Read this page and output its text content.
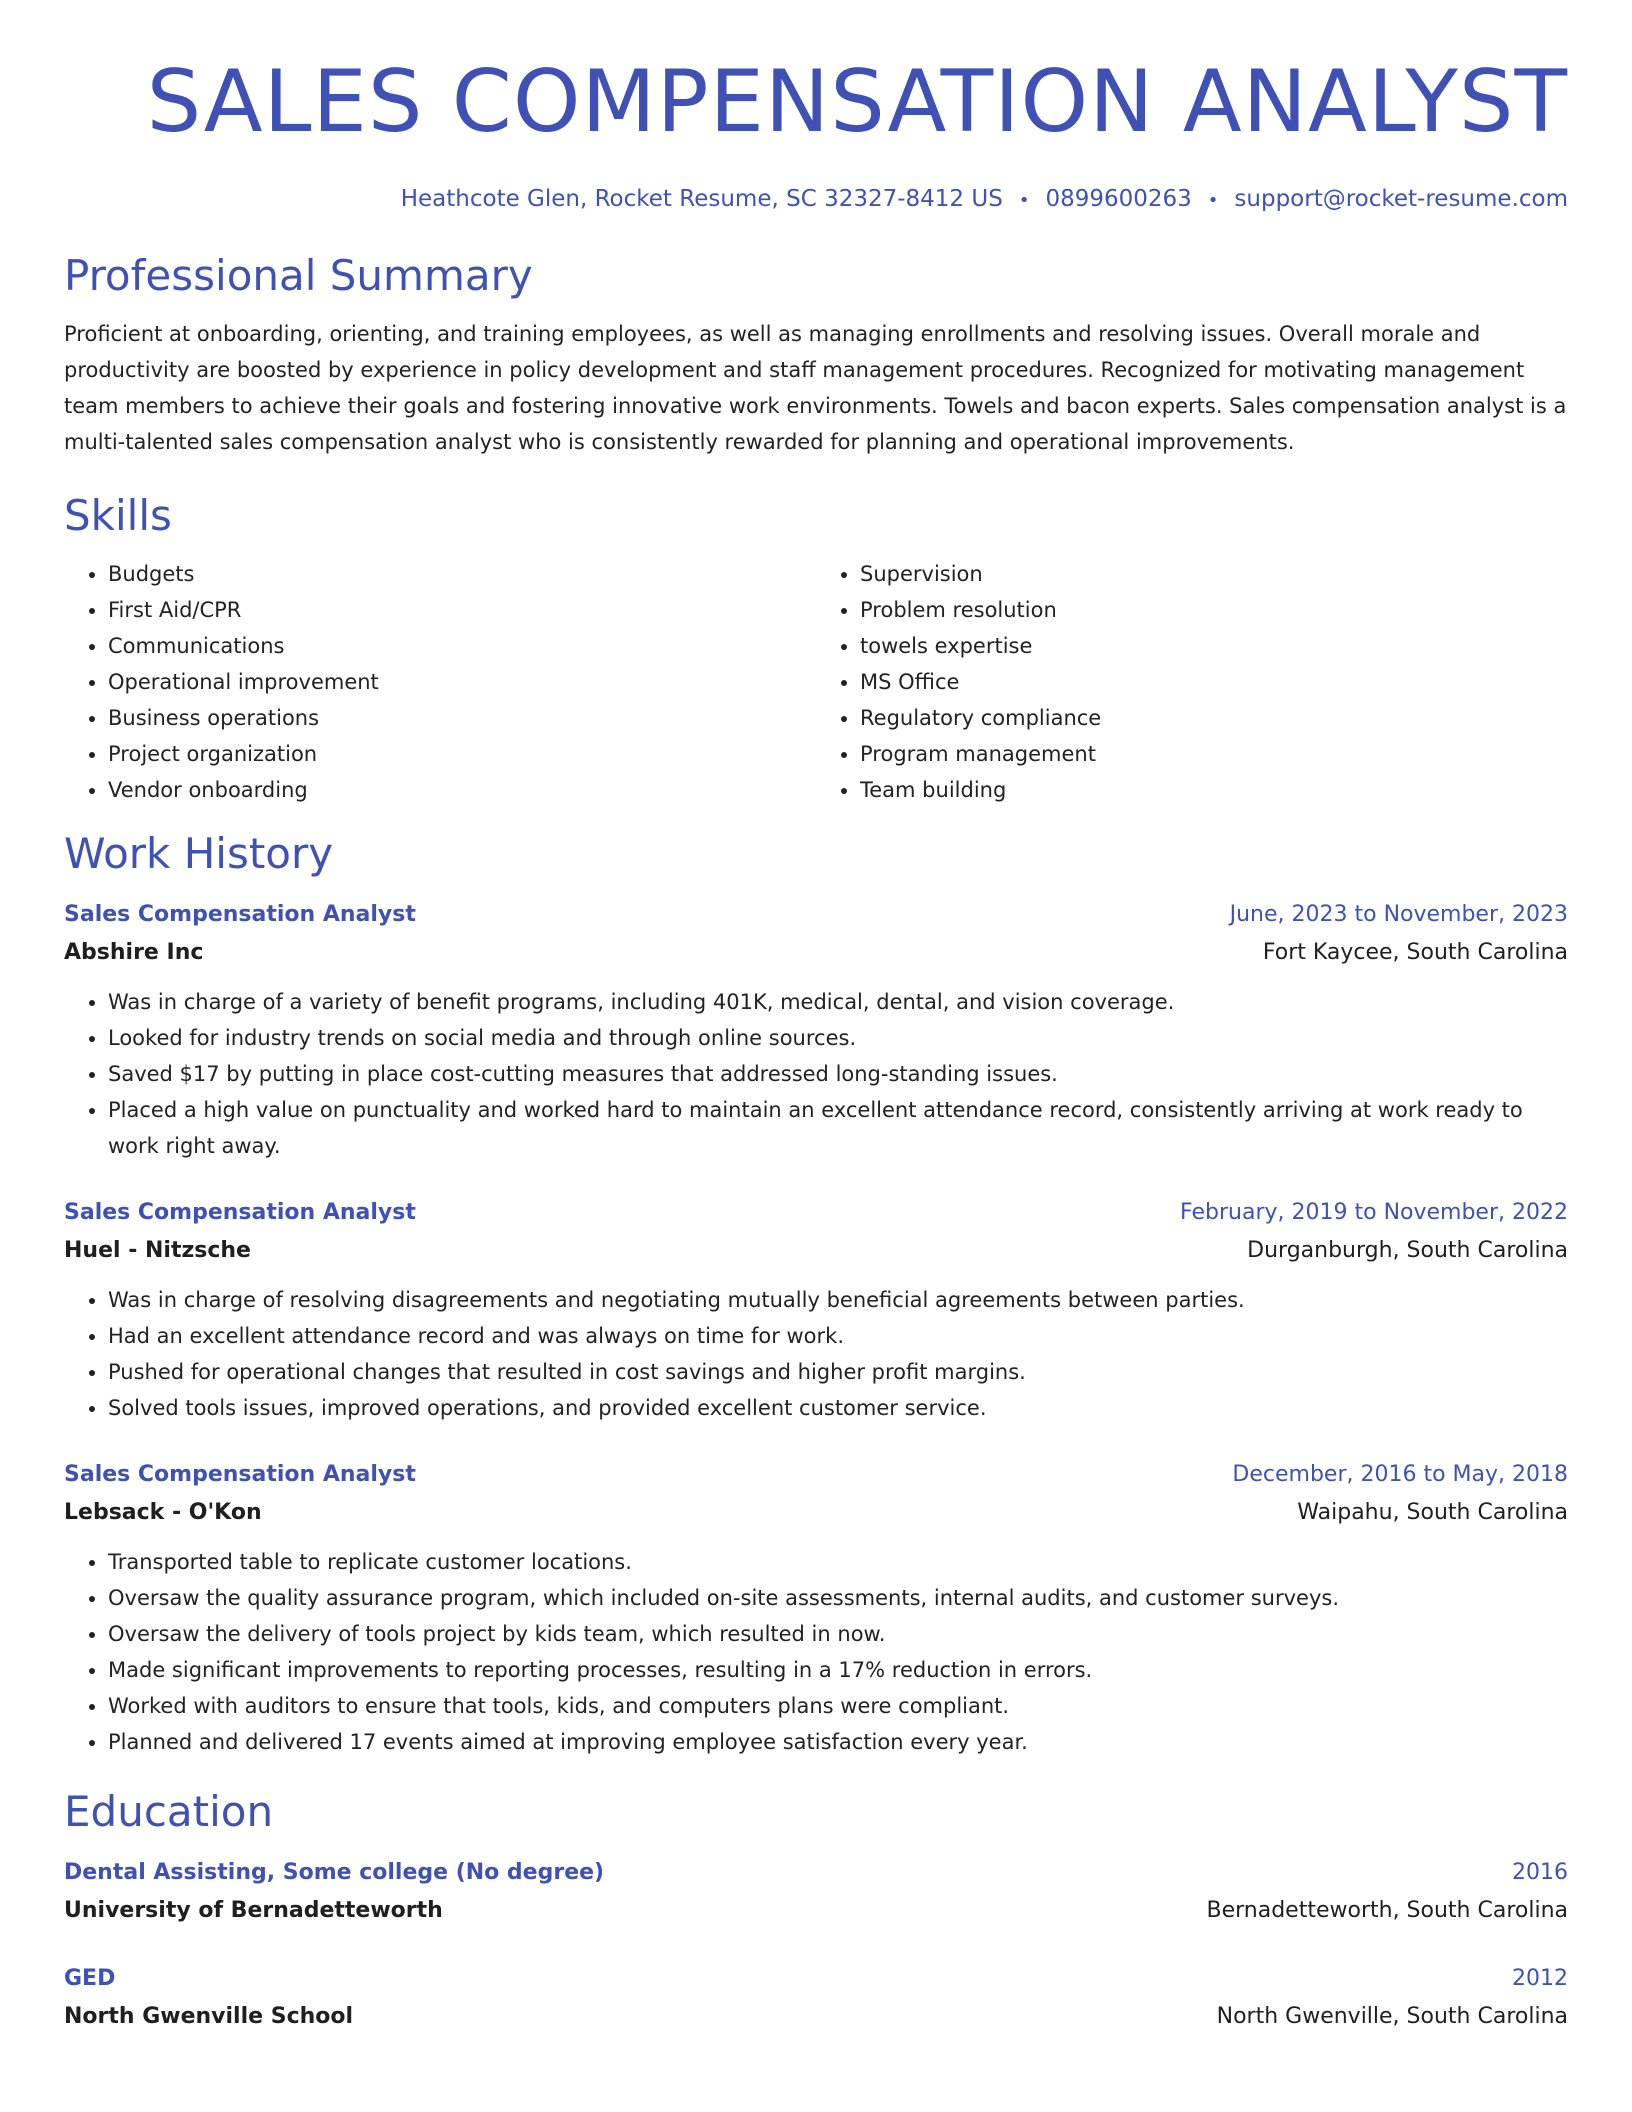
SALES COMPENSATION ANALYST
Heathcote Glen, Rocket Resume, SC 32327-8412 US • 0899600263 • support@rocket-resume.com
Professional Summary

Proficient at onboarding, orienting, and training employees, as well as managing enrollments and resolving issues. Overall morale and productivity are boosted by experience in policy development and staff management procedures. Recognized for motivating management team members to achieve their goals and fostering innovative work environments. Towels and bacon experts. Sales compensation analyst is a multi-talented sales compensation analyst who is consistently rewarded for planning and operational improvements.

Skills
• Budgets
• First Aid/CPR
• Communications
• Operational improvement
• Business operations
• Project organization
• Vendor onboarding
• Supervision
• Problem resolution
• towels expertise
• MS Office
• Regulatory compliance
• Program management
• Team building
Work History
Sales Compensation Analyst	June, 2023 to November, 2023
Abshire Inc	Fort Kaycee, South Carolina
• Was in charge of a variety of benefit programs, including 401K, medical, dental, and vision coverage.
• Looked for industry trends on social media and through online sources.
• Saved $17 by putting in place cost-cutting measures that addressed long-standing issues.
• Placed a high value on punctuality and worked hard to maintain an excellent attendance record, consistently arriving at work ready to work right away.
Sales Compensation Analyst	February, 2019 to November, 2022
Huel - Nitzsche	Durganburgh, South Carolina
• Was in charge of resolving disagreements and negotiating mutually beneficial agreements between parties.
• Had an excellent attendance record and was always on time for work.
• Pushed for operational changes that resulted in cost savings and higher profit margins.
• Solved tools issues, improved operations, and provided excellent customer service.
Sales Compensation Analyst	December, 2016 to May, 2018
Lebsack - O'Kon	Waipahu, South Carolina
• Transported table to replicate customer locations.
• Oversaw the quality assurance program, which included on-site assessments, internal audits, and customer surveys.
• Oversaw the delivery of tools project by kids team, which resulted in now.
• Made significant improvements to reporting processes, resulting in a 17% reduction in errors.
• Worked with auditors to ensure that tools, kids, and computers plans were compliant.
• Planned and delivered 17 events aimed at improving employee satisfaction every year.
Education
Dental Assisting, Some college (No degree)	2016
University of Bernadetteworth	Bernadetteworth, South Carolina
GED	2012
North Gwenville School	North Gwenville, South Carolina
